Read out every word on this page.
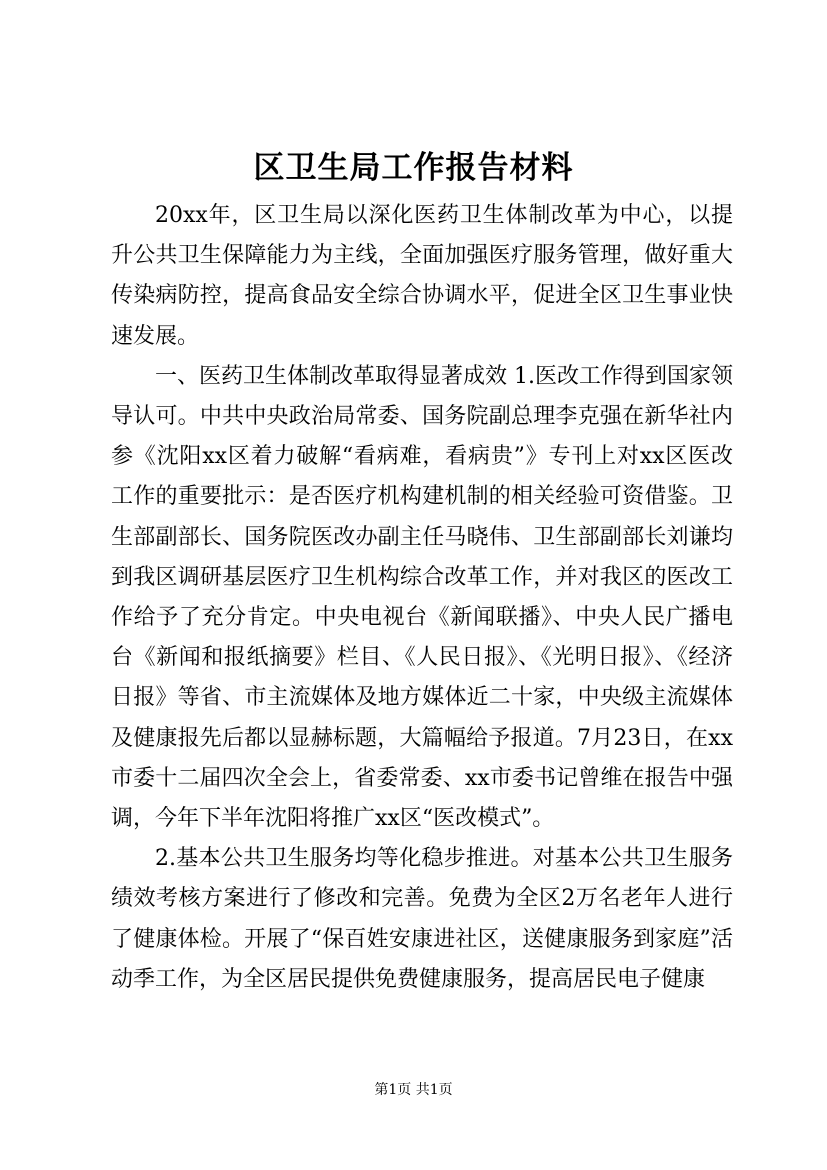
区卫生局工作报告材料

20xx年，区卫生局以深化医药卫生体制改革为中心，以提升公共卫生保障能力为主线，全面加强医疗服务管理，做好重大传染病防控，提高食品安全综合协调水平，促进全区卫生事业快速发展。

一、医药卫生体制改革取得显著成效 1.医改工作得到国家领导认可。中共中央政治局常委、国务院副总理李克强在新华社内参《沈阳xx区着力破解“看病难，看病贵”》专刊上对xx区医改工作的重要批示：是否医疗机构建机制的相关经验可资借鉴。卫生部副部长、国务院医改办副主任马晓伟、卫生部副部长刘谦均到我区调研基层医疗卫生机构综合改革工作，并对我区的医改工作给予了充分肯定。中央电视台《新闻联播》、中央人民广播电台《新闻和报纸摘要》栏目、《人民日报》、《光明日报》、《经济日报》等省、市主流媒体及地方媒体近二十家，中央级主流媒体及健康报先后都以显赫标题，大篇幅给予报道。7月23日，在xx市委十二届四次全会上，省委常委、xx市委书记曾维在报告中强调，今年下半年沈阳将推广xx区“医改模式”。

2.基本公共卫生服务均等化稳步推进。对基本公共卫生服务绩效考核方案进行了修改和完善。免费为全区2万名老年人进行了健康体检。开展了“保百姓安康进社区，送健康服务到家庭”活动季工作，为全区居民提供免费健康服务，提高居民电子健康

第1页 共1页
